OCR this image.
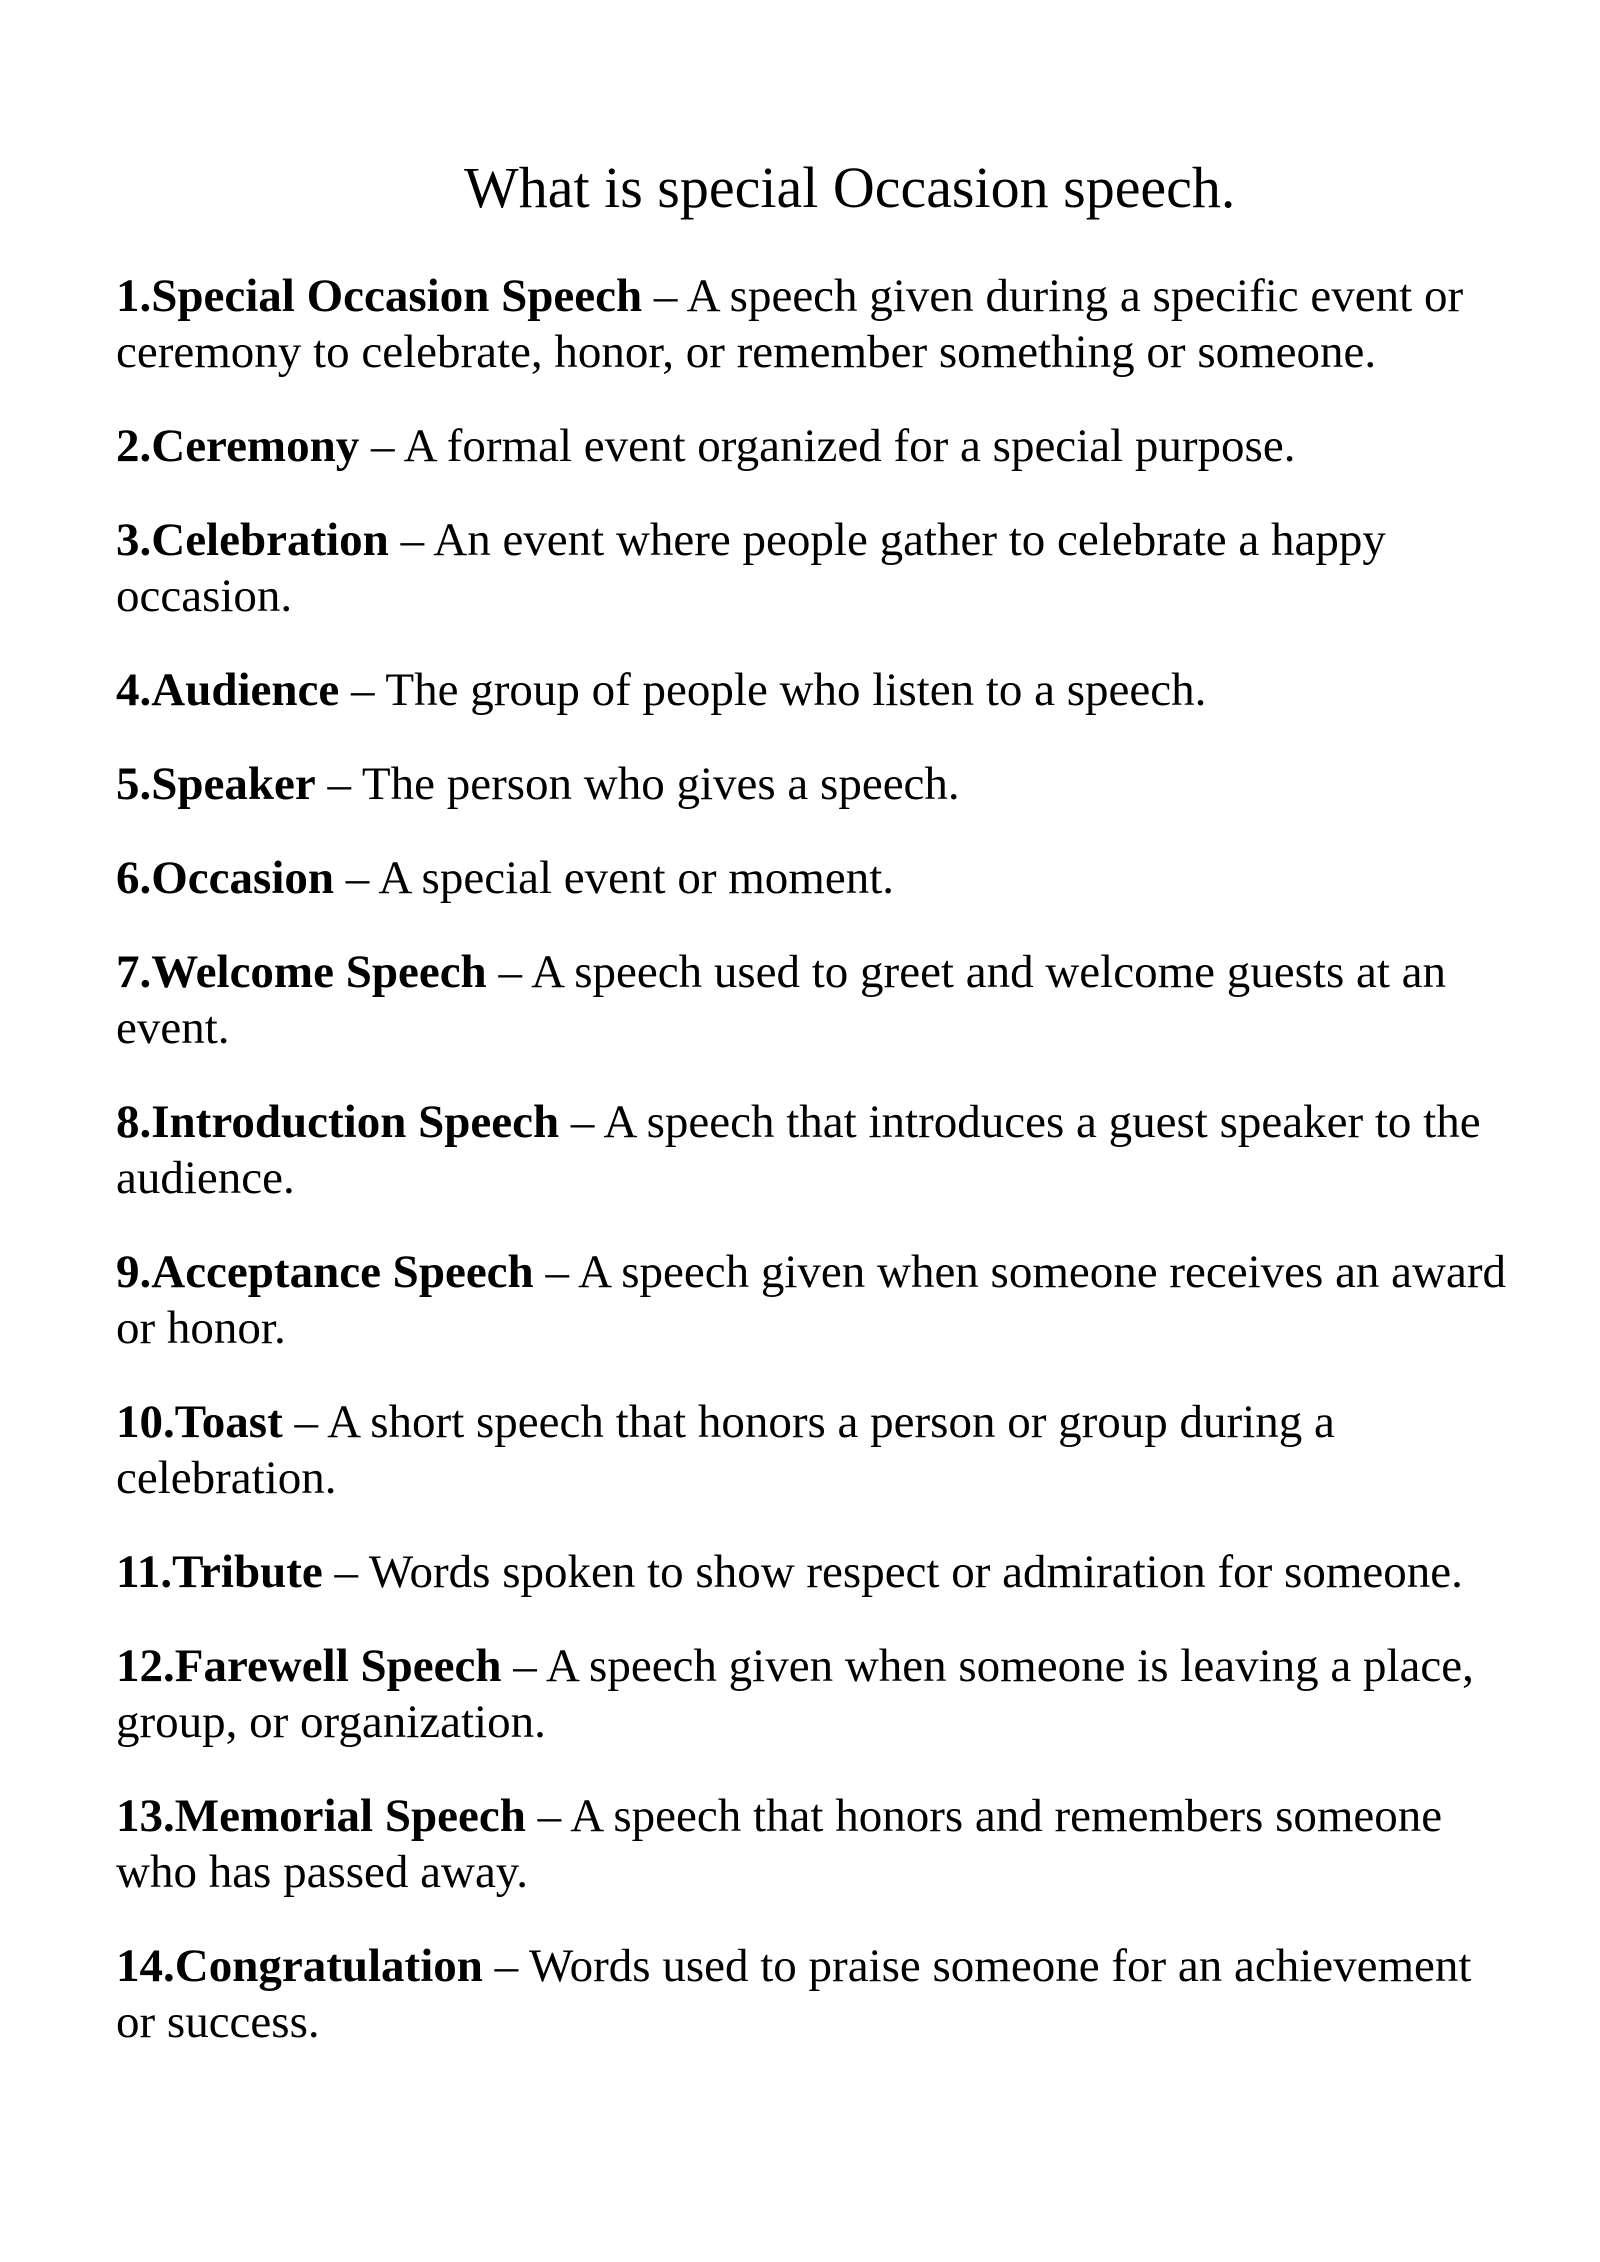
What is special Occasion speech.
1.Special Occasion Speech – A speech given during a specific event or ceremony to celebrate, honor, or remember something or someone.
2.Ceremony – A formal event organized for a special purpose.
3.Celebration – An event where people gather to celebrate a happy occasion.
4.Audience – The group of people who listen to a speech.
5.Speaker – The person who gives a speech.
6.Occasion – A special event or moment.
7.Welcome Speech – A speech used to greet and welcome guests at an event.
8.Introduction Speech – A speech that introduces a guest speaker to the audience.
9.Acceptance Speech – A speech given when someone receives an award or honor.
10.Toast – A short speech that honors a person or group during a celebration.
11.Tribute – Words spoken to show respect or admiration for someone.
12.Farewell Speech – A speech given when someone is leaving a place, group, or organization.
13.Memorial Speech – A speech that honors and remembers someone who has passed away.
14.Congratulation – Words used to praise someone for an achievement or success.
